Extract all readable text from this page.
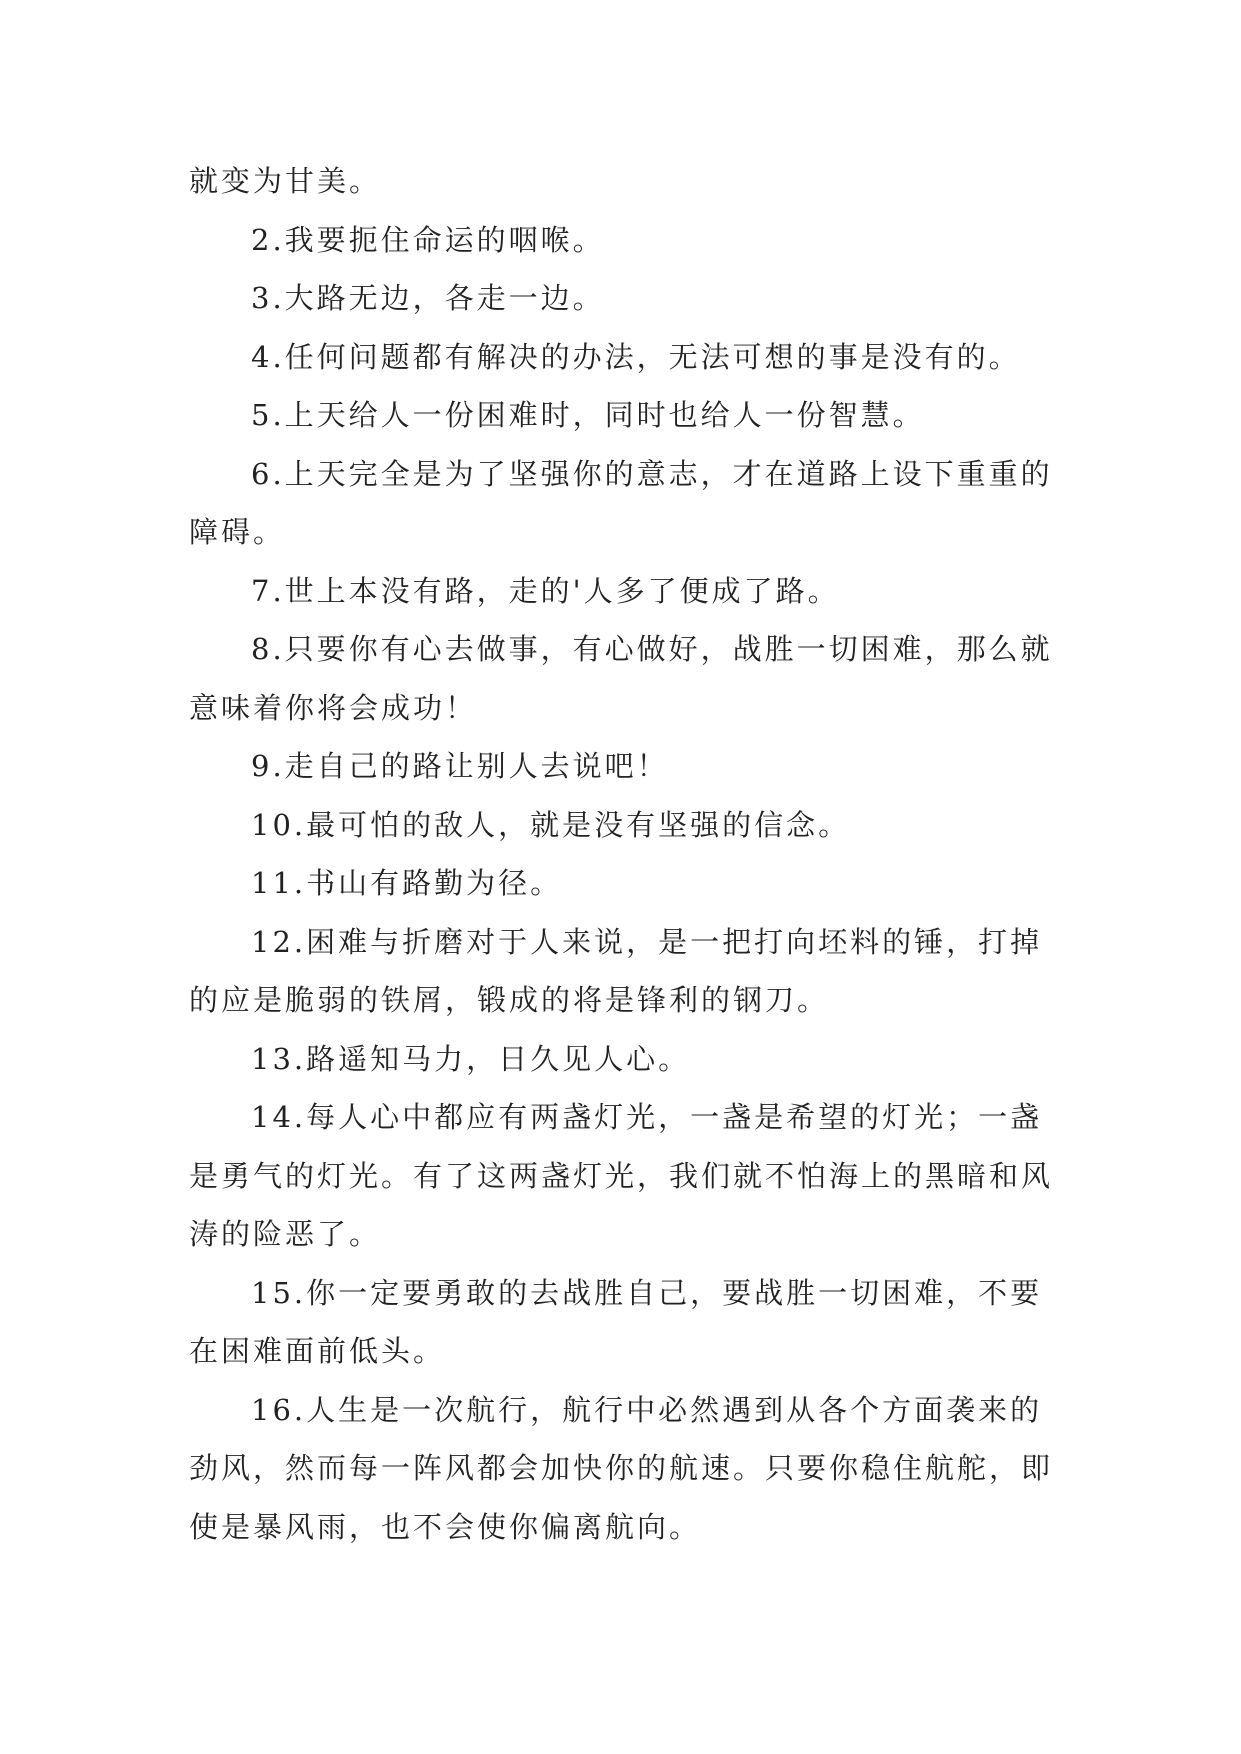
就变为甘美。

2.我要扼住命运的咽喉。

3.大路无边，各走一边。

4.任何问题都有解决的办法，无法可想的事是没有的。

5.上天给人一份困难时，同时也给人一份智慧。

6.上天完全是为了坚强你的意志，才在道路上设下重重的障碍。

7.世上本没有路，走的'人多了便成了路。

8.只要你有心去做事，有心做好，战胜一切困难，那么就意味着你将会成功！

9.走自己的路让别人去说吧！

10.最可怕的敌人，就是没有坚强的信念。

11.书山有路勤为径。

12.困难与折磨对于人来说，是一把打向坯料的锤，打掉的应是脆弱的铁屑，锻成的将是锋利的钢刀。

13.路遥知马力，日久见人心。

14.每人心中都应有两盏灯光，一盏是希望的灯光；一盏是勇气的灯光。有了这两盏灯光，我们就不怕海上的黑暗和风涛的险恶了。

15.你一定要勇敢的去战胜自己，要战胜一切困难，不要在困难面前低头。

16.人生是一次航行，航行中必然遇到从各个方面袭来的劲风，然而每一阵风都会加快你的航速。只要你稳住航舵，即使是暴风雨，也不会使你偏离航向。
